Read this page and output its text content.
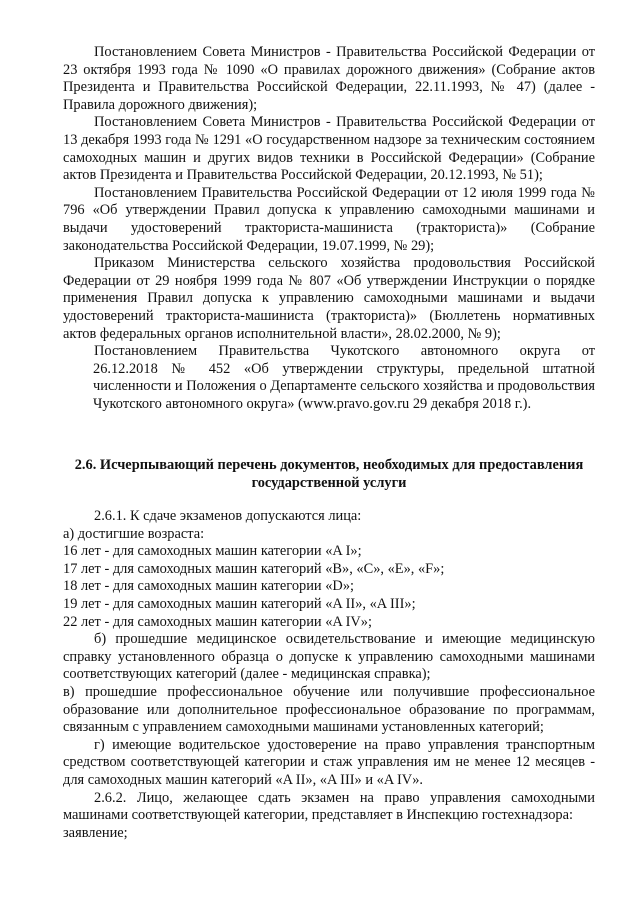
Постановлением Совета Министров - Правительства Российской Федерации от 23 октября 1993 года № 1090 «О правилах дорожного движения» (Собрание актов Президента и Правительства Российской Федерации, 22.11.1993, № 47) (далее - Правила дорожного движения);

Постановлением Совета Министров - Правительства Российской Федерации от 13 декабря 1993 года № 1291 «О государственном надзоре за техническим состоянием самоходных машин и других видов техники в Российской Федерации» (Собрание актов Президента и Правительства Российской Федерации, 20.12.1993, № 51);

Постановлением Правительства Российской Федерации от 12 июля 1999 года № 796 «Об утверждении Правил допуска к управлению самоходными машинами и выдачи удостоверений тракториста-машиниста (тракториста)» (Собрание законодательства Российской Федерации, 19.07.1999, № 29);

Приказом Министерства сельского хозяйства продовольствия Российской Федерации от 29 ноября 1999 года № 807 «Об утверждении Инструкции о порядке применения Правил допуска к управлению самоходными машинами и выдачи удостоверений тракториста-машиниста (тракториста)» (Бюллетень нормативных актов федеральных органов исполнительной власти», 28.02.2000, № 9);

Постановлением Правительства Чукотского автономного округа от

26.12.2018 № 452 «Об утверждении структуры, предельной штатной численности и Положения о Департаменте сельского хозяйства и продовольствия Чукотского автономного округа» (www.pravo.gov.ru 29 декабря 2018 г.).

2.6. Исчерпывающий перечень документов, необходимых для предоставления государственной услуги

2.6.1. К сдаче экзаменов допускаются лица:

а) достигшие возраста:

16 лет - для самоходных машин категории «A I»;

17 лет - для самоходных машин категорий «B», «C», «E», «F»;

18 лет - для самоходных машин категории «D»;

19 лет - для самоходных машин категорий «A II», «A III»;

22 лет - для самоходных машин категории «A IV»;

б) прошедшие медицинское освидетельствование и имеющие медицинскую справку установленного образца о допуске к управлению самоходными машинами соответствующих категорий (далее - медицинская справка);

в) прошедшие профессиональное обучение или получившие профессиональное образование или дополнительное профессиональное образование по программам, связанным с управлением самоходными машинами установленных категорий;

г) имеющие водительское удостоверение на право управления транспортным средством соответствующей категории и стаж управления им не менее 12 месяцев - для самоходных машин категорий «A II», «A III» и «A IV».

2.6.2. Лицо, желающее сдать экзамен на право управления самоходными машинами соответствующей категории, представляет в Инспекцию гостехнадзора:

заявление;
